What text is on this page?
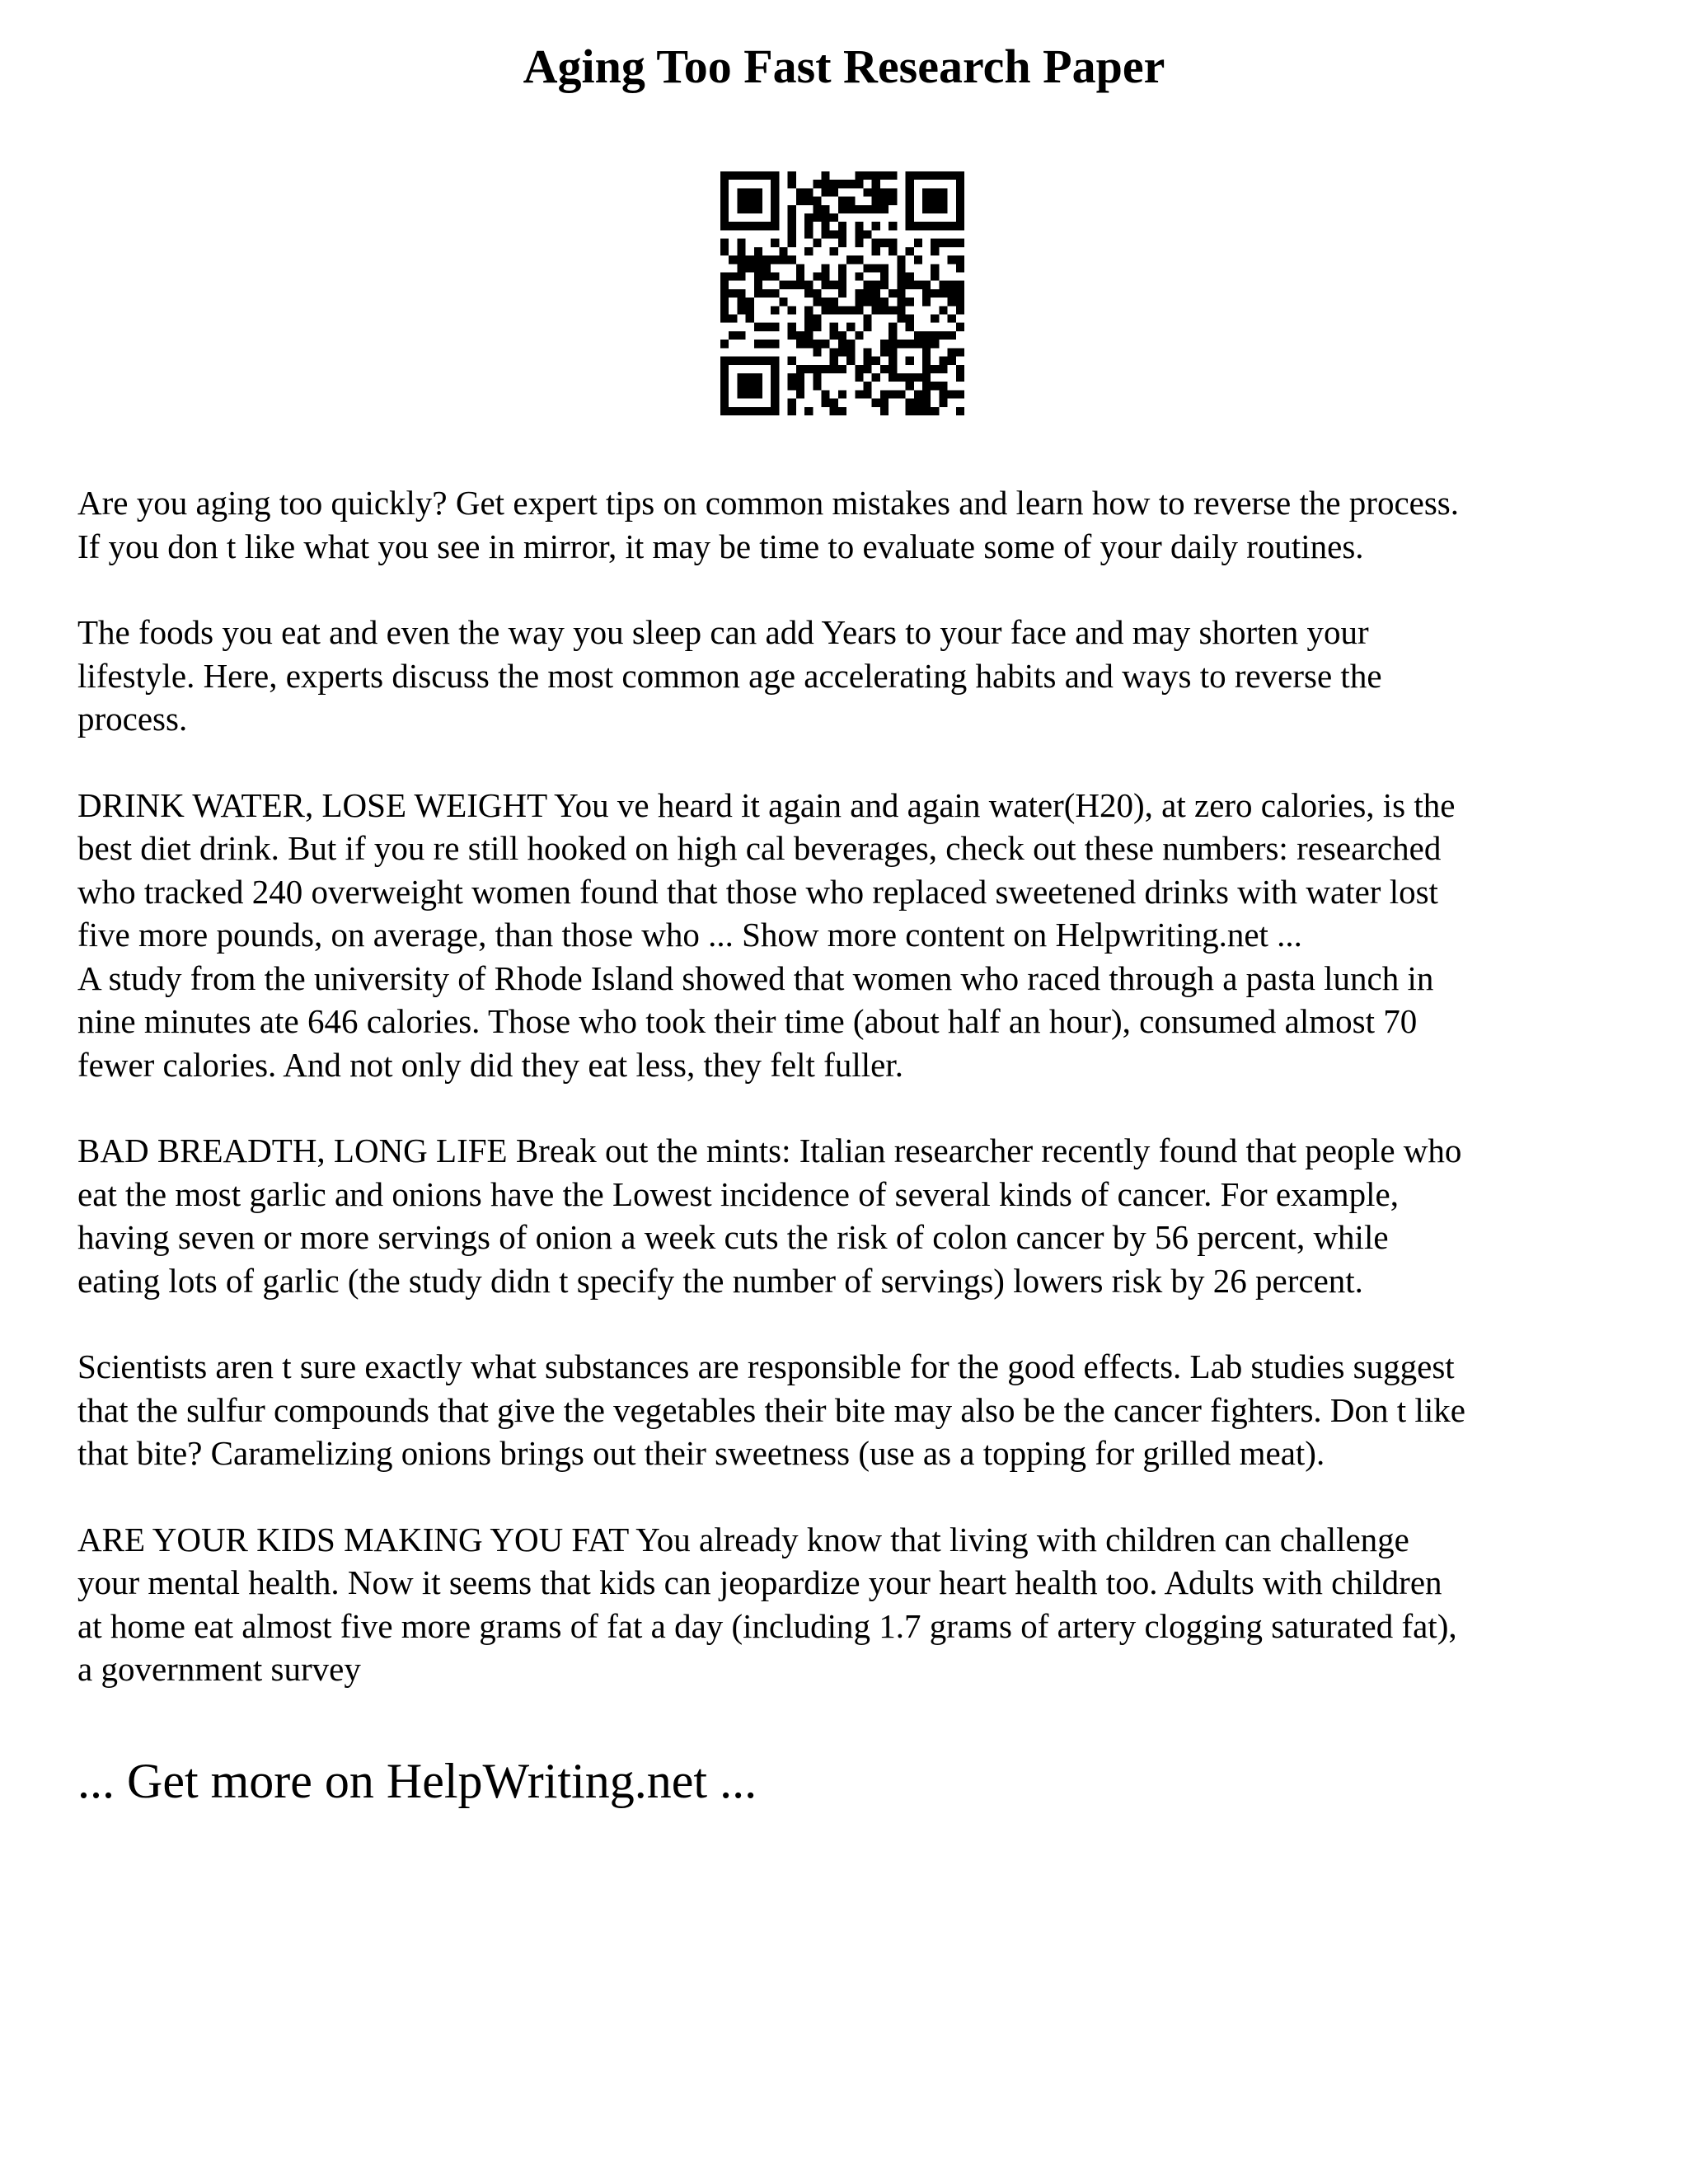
Aging Too Fast Research Paper

Are you aging too quickly? Get expert tips on common mistakes and learn how to reverse the process.
If you don t like what you see in mirror, it may be time to evaluate some of your daily routines.

The foods you eat and even the way you sleep can add Years to your face and may shorten your
lifestyle. Here, experts discuss the most common age accelerating habits and ways to reverse the
process.

DRINK WATER, LOSE WEIGHT You ve heard it again and again water(H20), at zero calories, is the
best diet drink. But if you re still hooked on high cal beverages, check out these numbers: researched
who tracked 240 overweight women found that those who replaced sweetened drinks with water lost
five more pounds, on average, than those who ... Show more content on Helpwriting.net ...
A study from the university of Rhode Island showed that women who raced through a pasta lunch in
nine minutes ate 646 calories. Those who took their time (about half an hour), consumed almost 70
fewer calories. And not only did they eat less, they felt fuller.

BAD BREADTH, LONG LIFE Break out the mints: Italian researcher recently found that people who
eat the most garlic and onions have the Lowest incidence of several kinds of cancer. For example,
having seven or more servings of onion a week cuts the risk of colon cancer by 56 percent, while
eating lots of garlic (the study didn t specify the number of servings) lowers risk by 26 percent.

Scientists aren t sure exactly what substances are responsible for the good effects. Lab studies suggest
that the sulfur compounds that give the vegetables their bite may also be the cancer fighters. Don t like
that bite? Caramelizing onions brings out their sweetness (use as a topping for grilled meat).

ARE YOUR KIDS MAKING YOU FAT You already know that living with children can challenge
your mental health. Now it seems that kids can jeopardize your heart health too. Adults with children
at home eat almost five more grams of fat a day (including 1.7 grams of artery clogging saturated fat),
a government survey

... Get more on HelpWriting.net ...
